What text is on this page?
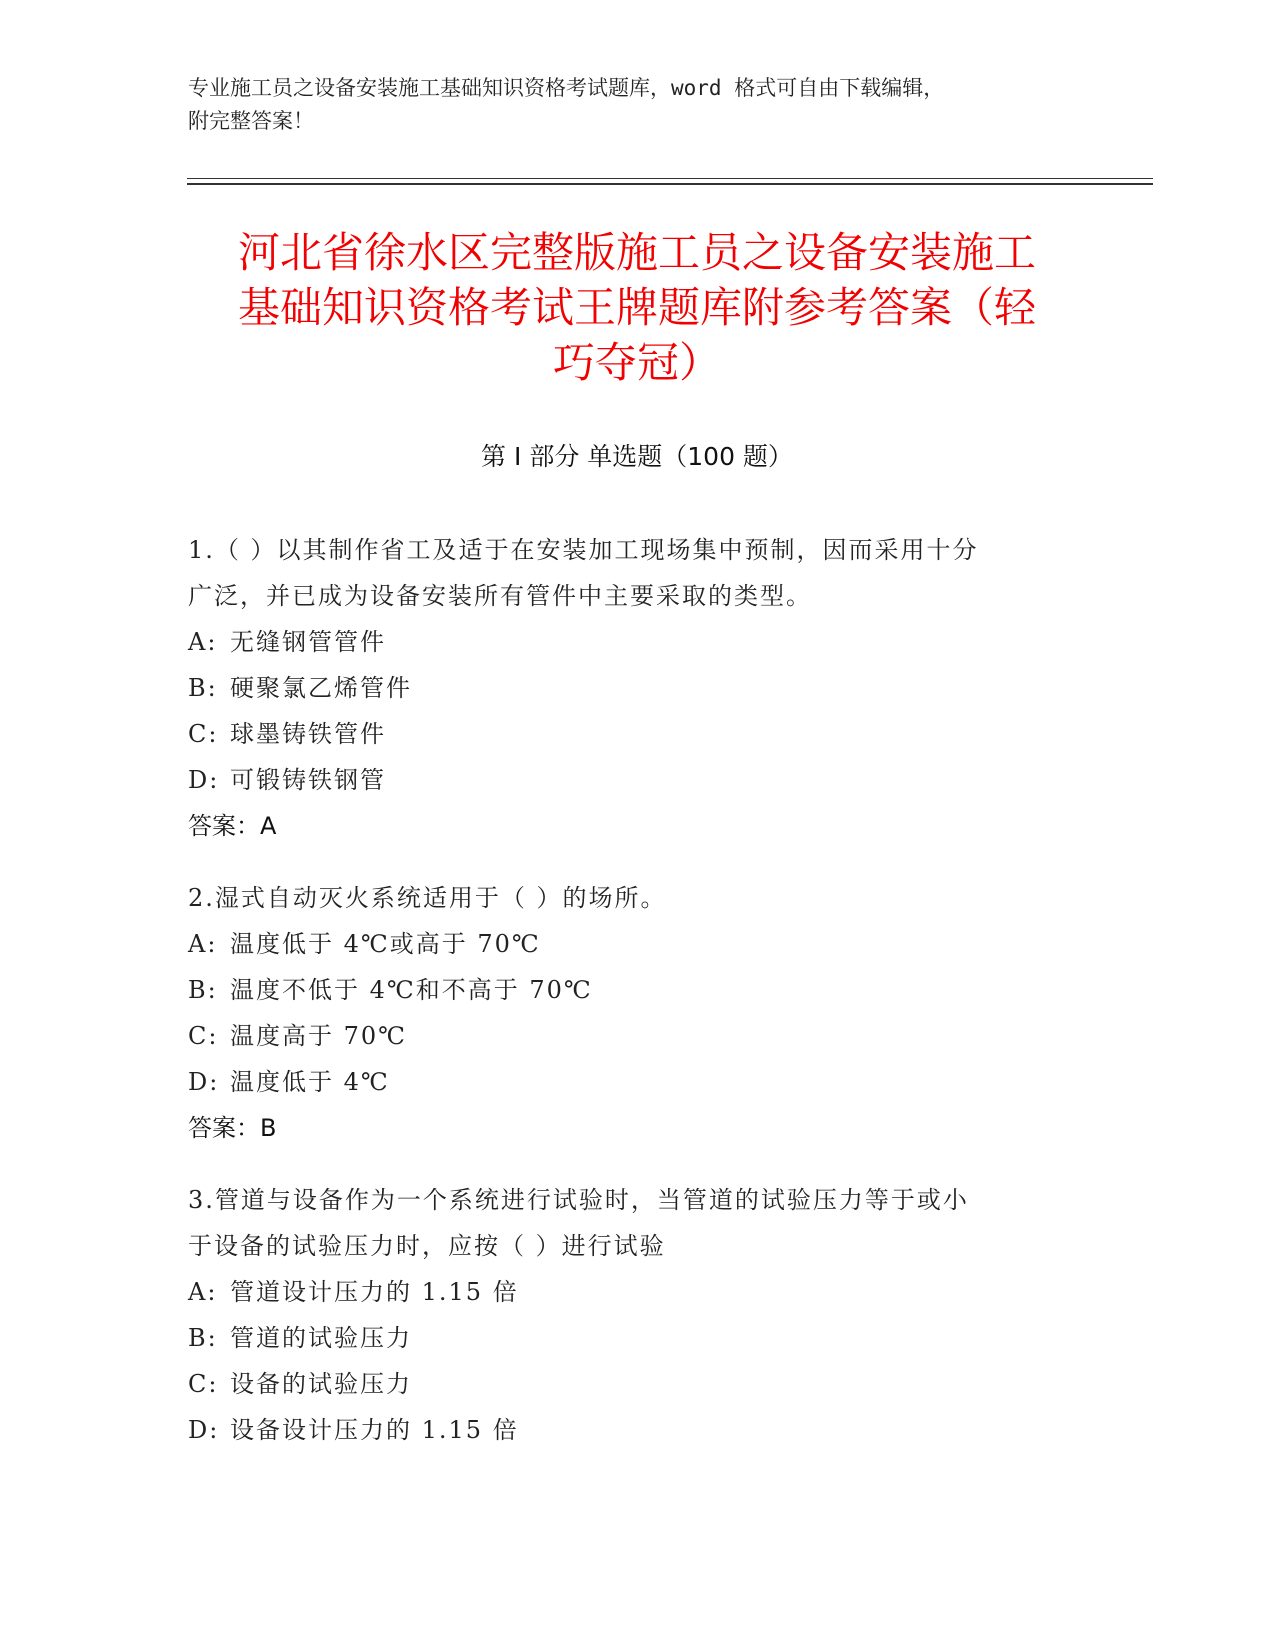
专业施工员之设备安装施工基础知识资格考试题库，word 格式可自由下载编辑，
附完整答案！
河北省徐水区完整版施工员之设备安装施工
基础知识资格考试王牌题库附参考答案（轻
巧夺冠）
第 I 部分 单选题（100 题）
1.（ ）以其制作省工及适于在安装加工现场集中预制，因而采用十分
广泛，并已成为设备安装所有管件中主要采取的类型。
A: 无缝钢管管件
B: 硬聚氯乙烯管件
C: 球墨铸铁管件
D: 可锻铸铁钢管
答案：A
2.湿式自动灭火系统适用于（ ）的场所。
A: 温度低于 4℃或高于 70℃
B: 温度不低于 4℃和不高于 70℃
C: 温度高于 70℃
D: 温度低于 4℃
答案：B
3.管道与设备作为一个系统进行试验时，当管道的试验压力等于或小
于设备的试验压力时，应按（ ）进行试验
A: 管道设计压力的 1.15 倍
B: 管道的试验压力
C: 设备的试验压力
D: 设备设计压力的 1.15 倍
